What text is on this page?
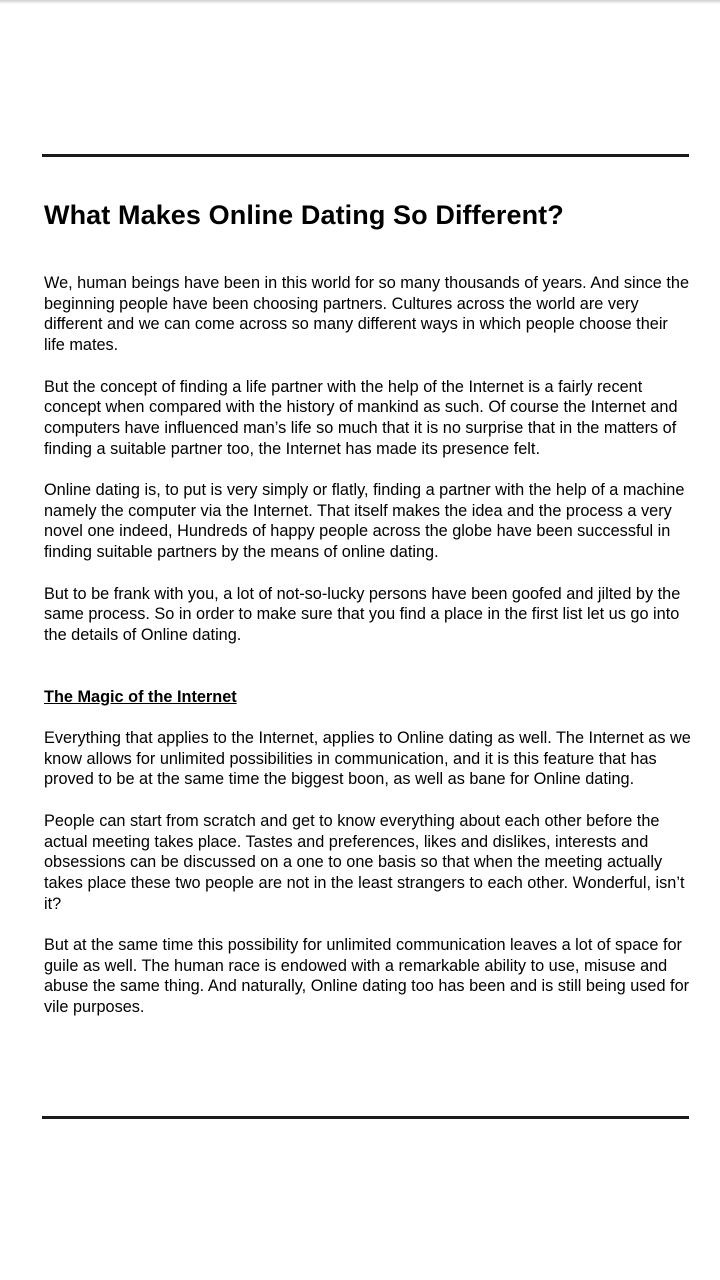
What Makes Online Dating So Different?

We, human beings have been in this world for so many thousands of years. And since the beginning people have been choosing partners. Cultures across the world are very different and we can come across so many different ways in which people choose their life mates.

But the concept of finding a life partner with the help of the Internet is a fairly recent concept when compared with the history of mankind as such. Of course the Internet and computers have influenced man’s life so much that it is no surprise that in the matters of finding a suitable partner too, the Internet has made its presence felt.

Online dating is, to put is very simply or flatly, finding a partner with the help of a machine namely the computer via the Internet. That itself makes the idea and the process a very novel one indeed, Hundreds of happy people across the globe have been successful in finding suitable partners by the means of online dating.

But to be frank with you, a lot of not-so-lucky persons have been goofed and jilted by the same process. So in order to make sure that you find a place in the first list let us go into the details of Online dating.

The Magic of the Internet

Everything that applies to the Internet, applies to Online dating as well. The Internet as we know allows for unlimited possibilities in communication, and it is this feature that has proved to be at the same time the biggest boon, as well as bane for Online dating.

People can start from scratch and get to know everything about each other before the actual meeting takes place. Tastes and preferences, likes and dislikes, interests and obsessions can be discussed on a one to one basis so that when the meeting actually takes place these two people are not in the least strangers to each other. Wonderful, isn’t it?

But at the same time this possibility for unlimited communication leaves a lot of space for guile as well. The human race is endowed with a remarkable ability to use, misuse and abuse the same thing. And naturally, Online dating too has been and is still being used for vile purposes.
